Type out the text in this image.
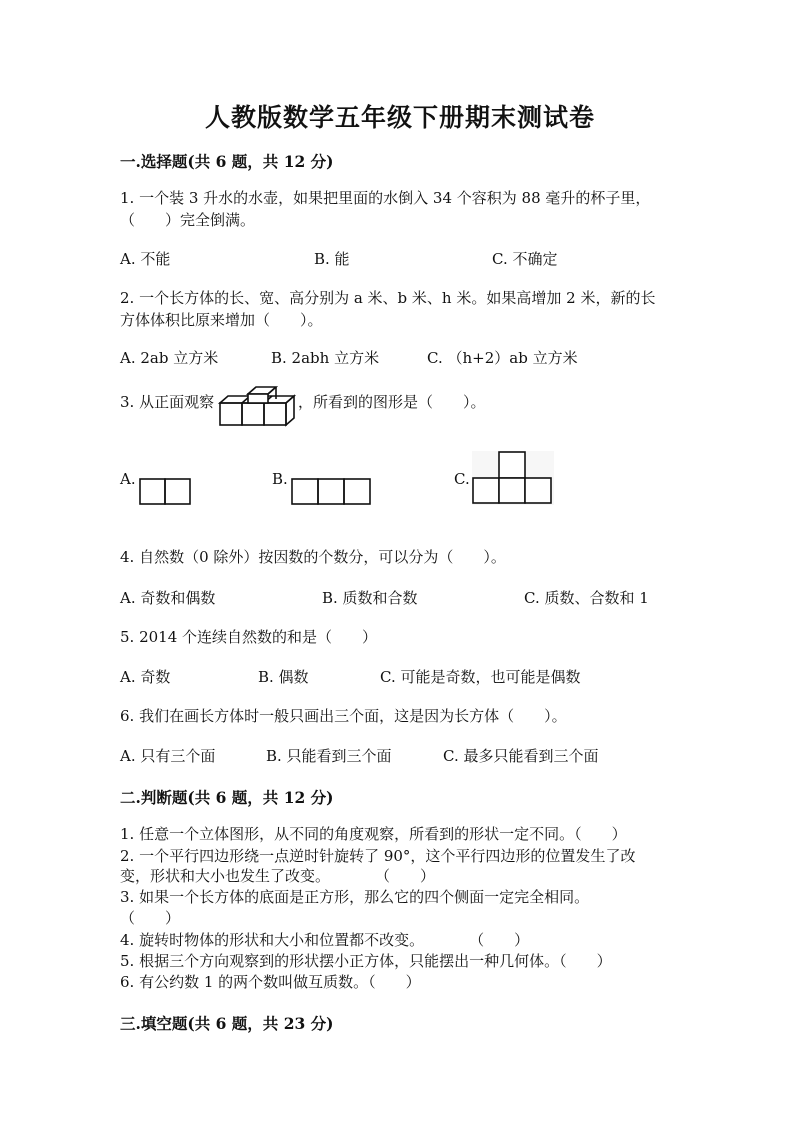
人教版数学五年级下册期末测试卷
一.选择题(共 6 题，共 12 分)
1. 一个装 3 升水的水壶，如果把里面的水倒入 34 个容积为 88 毫升的杯子里，
（　　）完全倒满。
A. 不能	B. 能	C. 不确定
2. 一个长方体的长、宽、高分别为 a 米、b 米、h 米。如果高增加 2 米，新的长
方体体积比原来增加（　　）。
A. 2ab 立方米	B. 2abh 立方米	C. （h+2）ab 立方米
3. 从正面观察	，所看到的图形是（　　）。
A.	B.	C.
4. 自然数（0 除外）按因数的个数分，可以分为（　　）。
A. 奇数和偶数	B. 质数和合数	C. 质数、合数和 1
5. 2014 个连续自然数的和是（　　）
A. 奇数	B. 偶数	C. 可能是奇数，也可能是偶数
6. 我们在画长方体时一般只画出三个面，这是因为长方体（　　）。
A. 只有三个面	B. 只能看到三个面	C. 最多只能看到三个面
二.判断题(共 6 题，共 12 分)
1. 任意一个立体图形，从不同的角度观察，所看到的形状一定不同。（　　）
2. 一个平行四边形绕一点逆时针旋转了 90°，这个平行四边形的位置发生了改
变，形状和大小也发生了改变。　　　　（　　）
3. 如果一个长方体的底面是正方形，那么它的四个侧面一定完全相同。
（　　）
4. 旋转时物体的形状和大小和位置都不改变。　　　　（　　）
5. 根据三个方向观察到的形状摆小正方体，只能摆出一种几何体。（　　）
6. 有公约数 1 的两个数叫做互质数。（　　）
三.填空题(共 6 题，共 23 分)
